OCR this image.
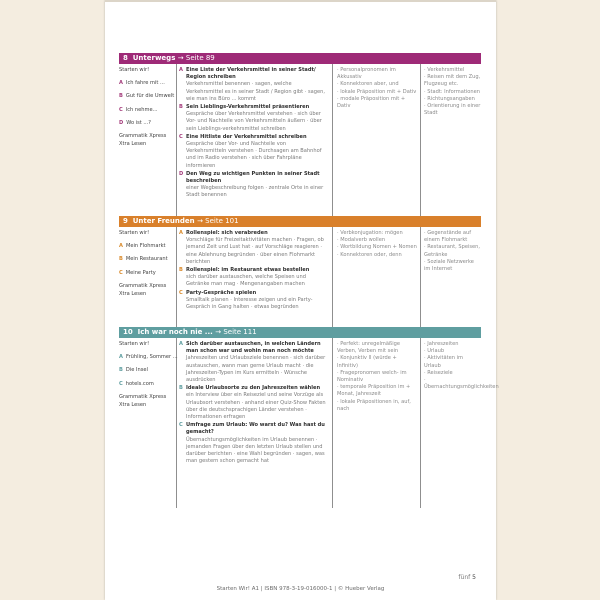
8 Unterwegs → Seite 89
Starten wir!
A Ich fahre mit ...
B Gut für die Umwelt
C Ich nehme...
D Wo ist ...?
Grammatik Xpress
Xtra Lesen
A Eine Liste der Verkehrsmittel in seiner Stadt/ Region schreiben
Verkehrsmittel benennen · sagen, welche Verkehrsmittel es in seiner Stadt / Region gibt · sagen, wie man ins Büro ... kommt
B Sein Lieblings-Verkehrsmittel präsentieren
Gespräche über Verkehrsmittel verstehen · sich über Vor- und Nachteile von Verkehrsmitteln äußern · über sein Lieblings-verkehrsmittel schreiben
C Eine Hitliste der Verkehrsmittel schreiben
Gespräche über Vor- und Nachteile von Verkehrsmitteln verstehen · Durchsagen am Bahnhof und im Radio verstehen · sich über Fahrpläne informieren
D Den Weg zu wichtigen Punkten in seiner Stadt beschreiben
einer Wegbeschreibung folgen · zentrale Orte in einer Stadt benennen
· Personalpronomen im Akkusativ
· Konnektoren aber, und
· lokale Präposition mit + Dativ
· modale Präposition mit + Dativ
· Verkehrsmittel
· Reisen mit dem Zug, Flugzeug etc.
· Stadt: Informationen
· Richtungsangaben
· Orientierung in einer Stadt
9 Unter Freunden → Seite 101
Starten wir!
A Mein Flohmarkt
B Mein Restaurant
C Meine Party
Grammatik Xpress
Xtra Lesen
A Rollenspiel: sich verabreden
Vorschläge für Freizeitaktivitäten machen · Fragen, ob jemand Zeit und Lust hat · auf Vorschläge reagieren · eine Ablehnung begründen · über einen Flohmarkt berichten
B Rollenspiel: im Restaurant etwas bestellen
sich darüber austauschen, welche Speisen und Getränke man mag · Mengenangaben machen
C Party-Gespräche spielen
Smalltalk planen · Interesse zeigen und ein Party-Gespräch in Gang halten · etwas begründen
· Verbkonjugation: mögen
· Modalverb wollen
· Wortbildung Nomen + Nomen
· Konnektoren oder, denn
· Gegenstände auf einem Flohmarkt
· Restaurant, Speisen, Getränke
· Soziale Netzwerke im Internet
10 Ich war noch nie ... → Seite 111
Starten wir!
A Frühling, Sommer ...
B Die Insel
C hotels.com
Grammatik Xpress
Xtra Lesen
A Sich darüber austauschen, in welchen Ländern man schon war und wohin man noch möchte
Jahreszeiten und Urlaubsziele benennen · sich darüber austauschen, wann man gerne Urlaub macht · die Jahreszeiten-Typen im Kurs ermitteln · Wünsche ausdrücken
B Ideale Urlaubsorte zu den Jahreszeiten wählen
ein Interview über ein Reiseziel und seine Vorzüge als Urlaubsort verstehen · anhand einer Quiz-Show Fakten über die deutschsprachigen Länder verstehen · Informationen erfragen
C Umfrage zum Urlaub: Wo warst du? Was hast du gemacht?
Übernachtungsmöglichkeiten im Urlaub benennen · jemanden Fragen über den letzten Urlaub stellen und darüber berichten · eine Wahl begründen · sagen, was man gestern schon gemacht hat
· Perfekt: unregelmäßige Verben, Verben mit sein
· Konjunktiv II (würde + Infinitiv)
· Fragepronomen welch- im Nominativ
· temporale Präposition im + Monat, Jahreszeit
· lokale Präpositionen in, auf, nach
· Jahreszeiten
· Urlaub
· Aktivitäten im Urlaub
· Reiseziele
· Übernachtungsmöglichkeiten
fünf 5
Starten Wir! A1 | ISBN 978-3-19-016000-1 | © Hueber Verlag
